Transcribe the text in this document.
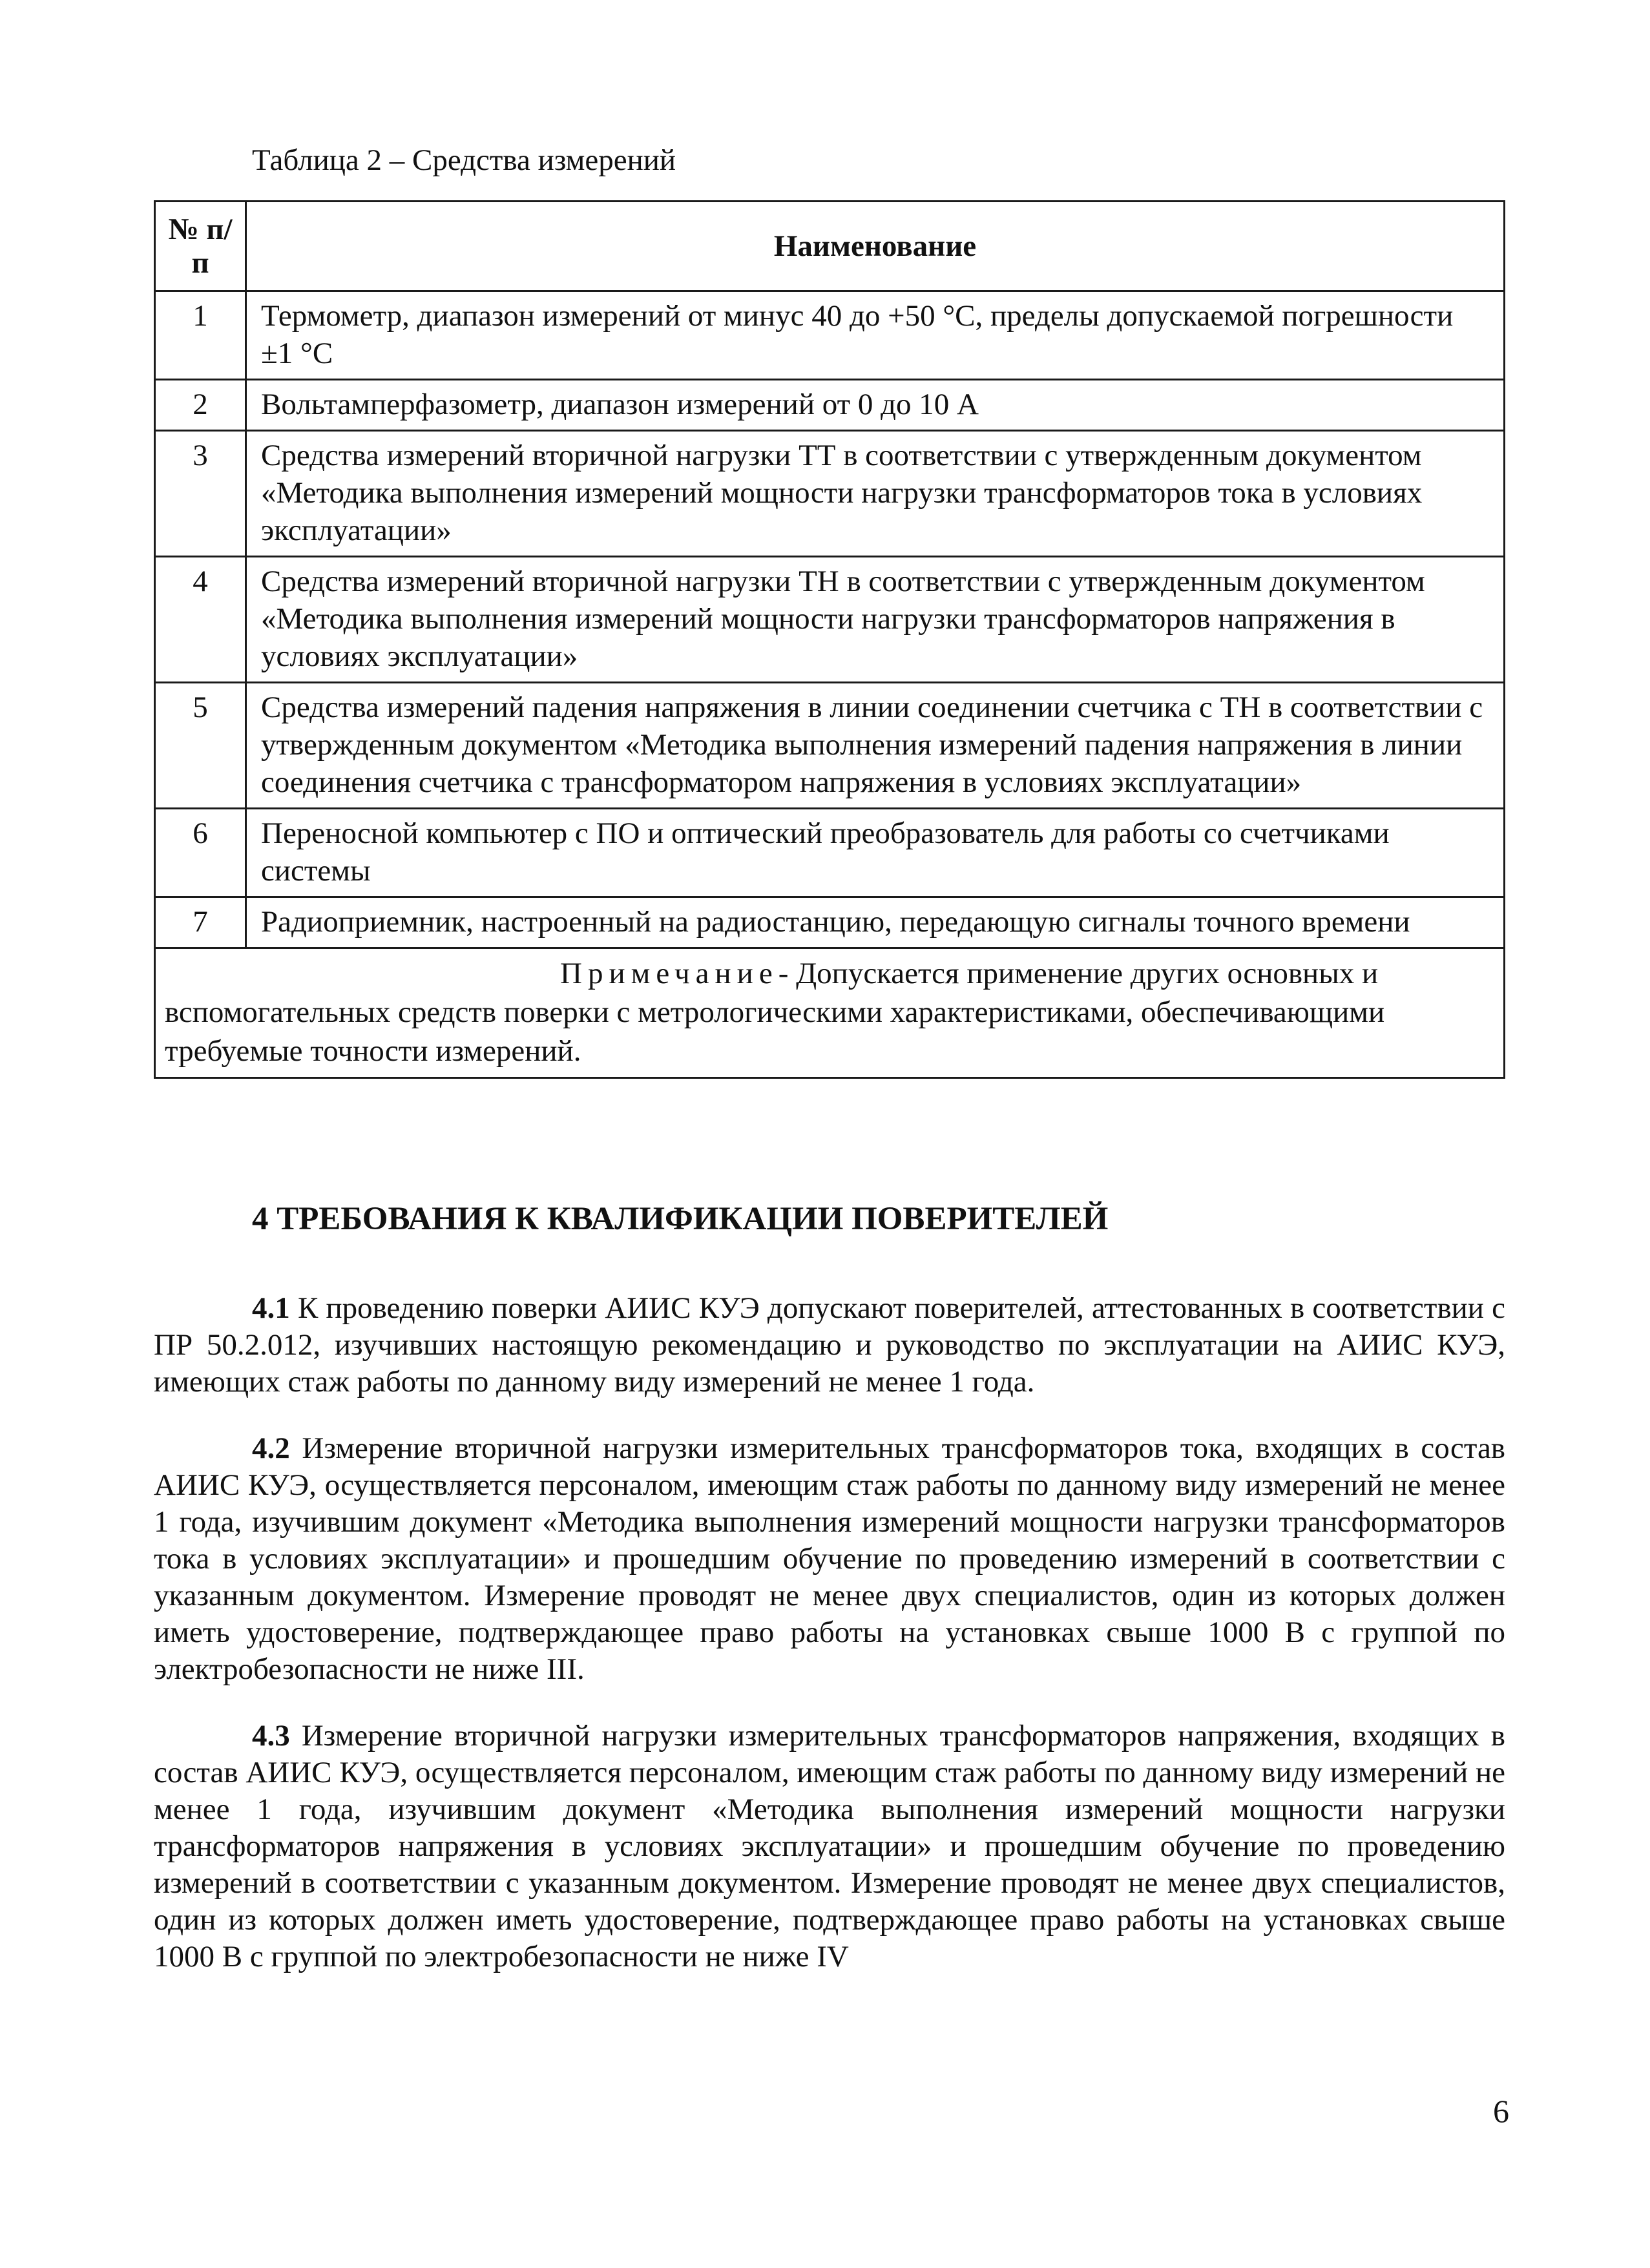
Таблица 2 – Средства измерений
№ п/п	Наименование
1	Термометр, диапазон измерений от минус 40 до +50 °С, пределы допускаемой погрешности ±1 °С
2	Вольтамперфазометр, диапазон измерений от 0 до 10 А
3	Средства измерений вторичной нагрузки ТТ в соответствии с утвержденным документом «Методика выполнения измерений мощности нагрузки трансформаторов тока в условиях эксплуатации»
4	Средства измерений вторичной нагрузки ТН в соответствии с утвержденным документом «Методика выполнения измерений мощности нагрузки трансформаторов напряжения в условиях эксплуатации»
5	Средства измерений падения напряжения в линии соединении счетчика с ТН в соответствии с утвержденным документом «Методика выполнения измерений падения напряжения в линии соединения счетчика с трансформатором напряжения в условиях эксплуатации»
6	Переносной компьютер с ПО и оптический преобразователь для работы со счетчиками системы
7	Радиоприемник, настроенный на радиостанцию, передающую сигналы точного времени
Примечание- Допускается применение других основных и вспомогательных средств поверки с метрологическими характеристиками, обеспечивающими требуемые точности измерений.	
4 ТРЕБОВАНИЯ К КВАЛИФИКАЦИИ ПОВЕРИТЕЛЕЙ

4.1 К проведению поверки АИИС КУЭ допускают поверителей, аттестованных в соответствии с ПР 50.2.012, изучивших настоящую рекомендацию и руководство по эксплуатации на АИИС КУЭ, имеющих стаж работы по данному виду измерений не менее 1 года.

4.2 Измерение вторичной нагрузки измерительных трансформаторов тока, входящих в состав АИИС КУЭ, осуществляется персоналом, имеющим стаж работы по данному виду измерений не менее 1 года, изучившим документ «Методика выполнения измерений мощности нагрузки трансформаторов тока в условиях эксплуатации» и прошедшим обучение по проведению измерений в соответствии с указанным документом. Измерение проводят не менее двух специалистов, один из которых должен иметь удостоверение, подтверждающее право работы на установках свыше 1000 В с группой по электробезопасности не ниже III.

4.3 Измерение вторичной нагрузки измерительных трансформаторов напряжения, входящих в состав АИИС КУЭ, осуществляется персоналом, имеющим стаж работы по данному виду измерений не менее 1 года, изучившим документ «Методика выполнения измерений мощности нагрузки трансформаторов напряжения в условиях эксплуатации» и прошедшим обучение по проведению измерений в соответствии с указанным документом. Измерение проводят не менее двух специалистов, один из которых должен иметь удостоверение, подтверждающее право работы на установках свыше 1000 В с группой по электробезопасности не ниже IV

6
